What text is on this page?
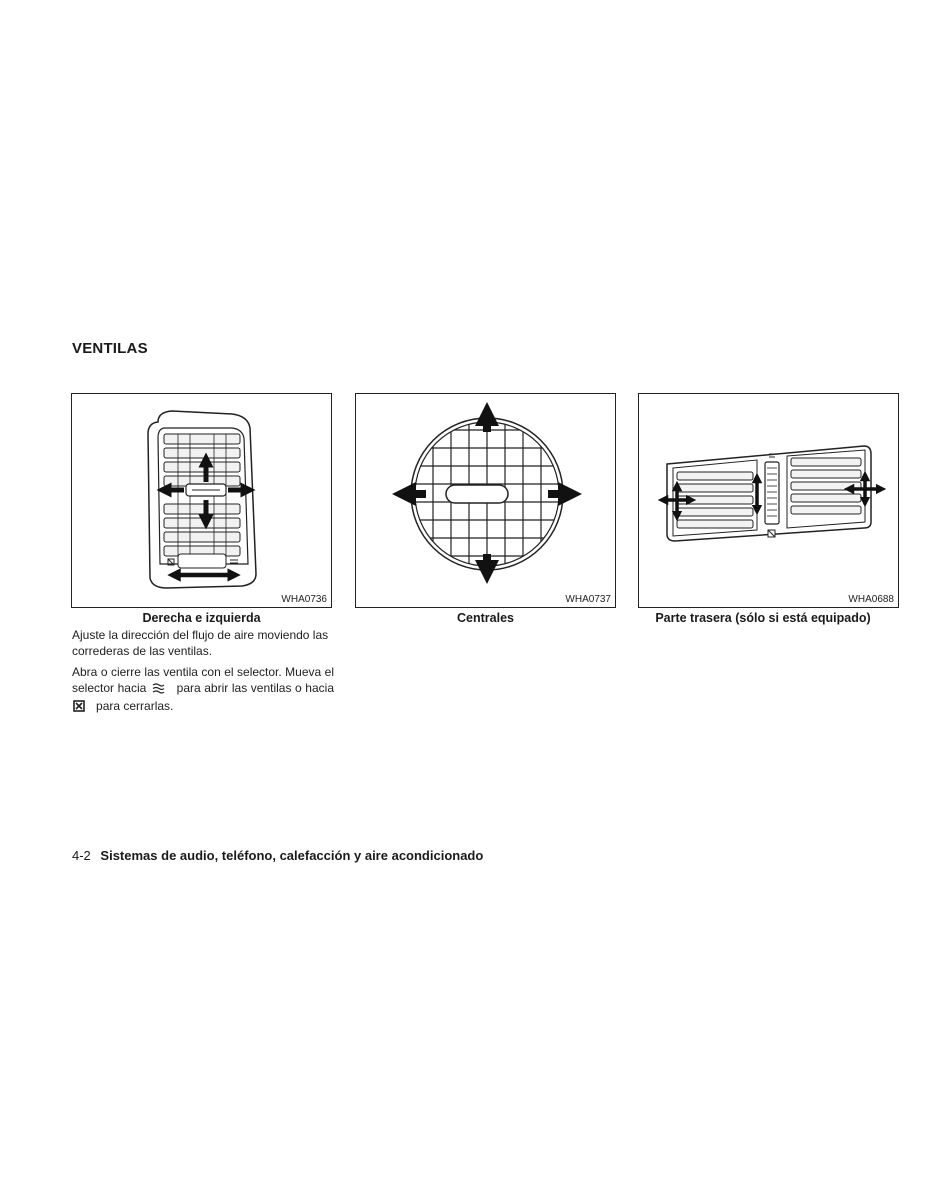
VENTILAS
WHA0736
Derecha e izquierda
WHA0737
Centrales
WHA0688
Parte trasera (sólo si está equipado)
Ajuste la dirección del flujo de aire moviendo las correderas de las ventilas.
Abra o cierre las ventila con el selector. Mueva el selector hacia	para abrir las ventilas o hacia    para cerrarlas.
4-2 Sistemas de audio, teléfono, calefacción y aire acondicionado
